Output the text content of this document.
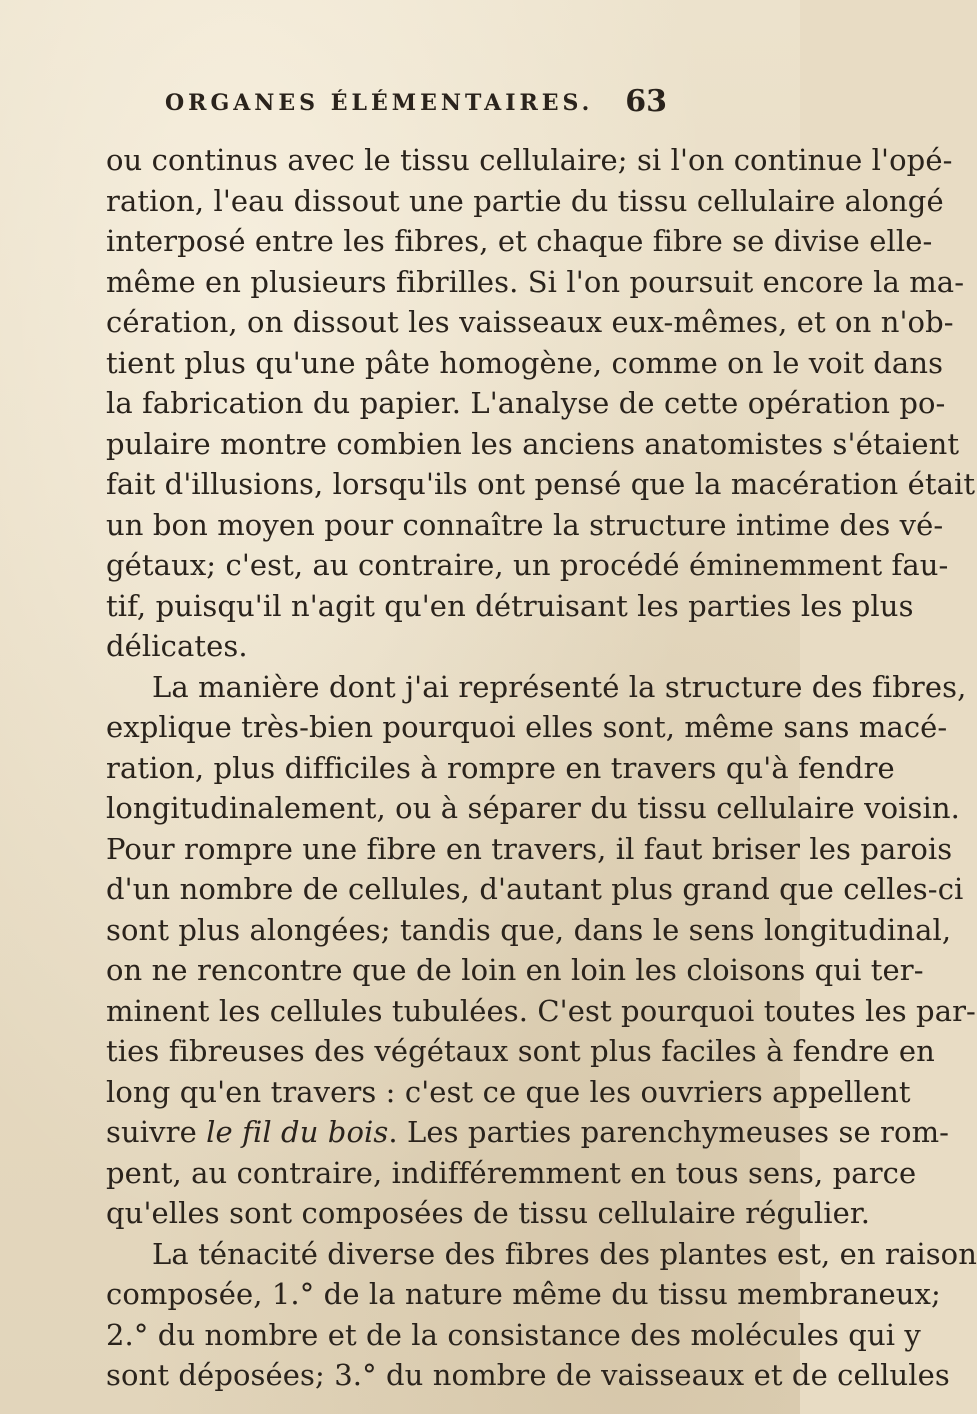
ORGANES ÉLÉMENTAIRES. 63
ou continus avec le tissu cellulaire; si l'on continue l'opé-
ration, l'eau dissout une partie du tissu cellulaire alongé
interposé entre les fibres, et chaque fibre se divise elle-
même en plusieurs fibrilles. Si l'on poursuit encore la ma-
cération, on dissout les vaisseaux eux-mêmes, et on n'ob-
tient plus qu'une pâte homogène, comme on le voit dans
la fabrication du papier. L'analyse de cette opération po-
pulaire montre combien les anciens anatomistes s'étaient
fait d'illusions, lorsqu'ils ont pensé que la macération était
un bon moyen pour connaître la structure intime des vé-
gétaux; c'est, au contraire, un procédé éminemment fau-
tif, puisqu'il n'agit qu'en détruisant les parties les plus
délicates.
La manière dont j'ai représenté la structure des fibres,
explique très-bien pourquoi elles sont, même sans macé-
ration, plus difficiles à rompre en travers qu'à fendre
longitudinalement, ou à séparer du tissu cellulaire voisin.
Pour rompre une fibre en travers, il faut briser les parois
d'un nombre de cellules, d'autant plus grand que celles-ci
sont plus alongées; tandis que, dans le sens longitudinal,
on ne rencontre que de loin en loin les cloisons qui ter-
minent les cellules tubulées. C'est pourquoi toutes les par-
ties fibreuses des végétaux sont plus faciles à fendre en
long qu'en travers : c'est ce que les ouvriers appellent
suivre le fil du bois. Les parties parenchymeuses se rom-
pent, au contraire, indifféremment en tous sens, parce
qu'elles sont composées de tissu cellulaire régulier.
La ténacité diverse des fibres des plantes est, en raison
composée, 1.° de la nature même du tissu membraneux;
2.° du nombre et de la consistance des molécules qui y
sont déposées; 3.° du nombre de vaisseaux et de cellules
